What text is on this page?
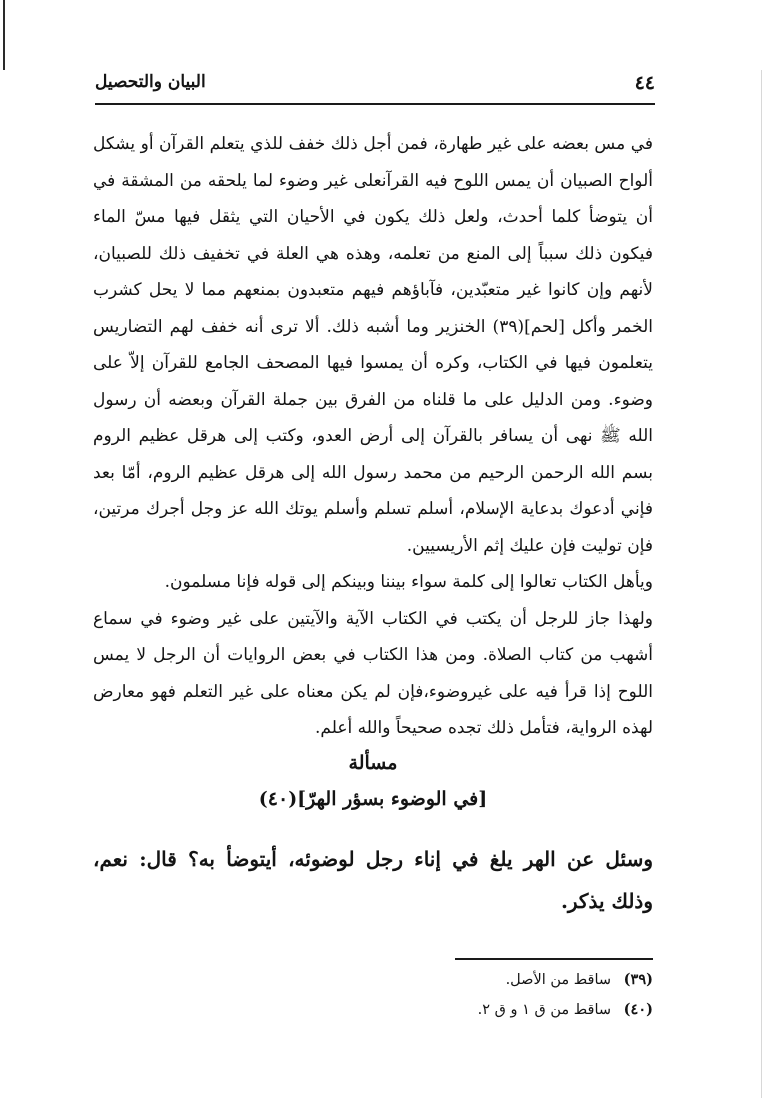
البيان والتحصيل	٤٤

في مس بعضه على غير طهارة، فمن أجل ذلك خفف للذي يتعلم القرآن أو يشكل ألواح الصبيان أن يمس اللوح فيه القرآنعلى غير وضوء لما يلحقه من المشقة في أن يتوضأ كلما أحدث، ولعل ذلك يكون في الأحيان التي يثقل فيها مسّ الماء فيكون ذلك سبباً إلى المنع من تعلمه، وهذه هي العلة في تخفيف ذلك للصبيان، لأنهم وإن كانوا غير متعبّدين، فآباؤهم فيهم متعبدون بمنعهم مما لا يحل كشرب الخمر وأكل [لحم](٣٩) الخنزير وما أشبه ذلك. ألا ترى أنه خفف لهم التضاريس يتعلمون فيها في الكتاب، وكره أن يمسوا فيها المصحف الجامع للقرآن إلاّ على وضوء. ومن الدليل على ما قلناه من الفرق بين جملة القرآن وبعضه أن رسول الله ﷺ نهى أن يسافر بالقرآن إلى أرض العدو، وكتب إلى هرقل عظيم الروم بسم الله الرحمن الرحيم من محمد رسول الله إلى هرقل عظيم الروم، أمّا بعد فإني أدعوك بدعاية الإسلام، أسلم تسلم وأسلم يوتك الله عز وجل أجرك مرتين، فإن توليت فإن عليك إثم الأريسيين.

ويأهل الكتاب تعالوا إلى كلمة سواء بيننا وبينكم إلى قوله فإنا مسلمون.

ولهذا جاز للرجل أن يكتب في الكتاب الآية والآيتين على غير وضوء في سماع أشهب من كتاب الصلاة. ومن هذا الكتاب في بعض الروايات أن الرجل لا يمس اللوح إذا قرأ فيه على غيروضوء،فإن لم يكن معناه على غير التعلم فهو معارض لهذه الرواية، فتأمل ذلك تجده صحيحاً والله أعلم.

مسألة
[في الوضوء بسؤر الهرّ](٤٠)

وسئل عن الهر يلغ في إناء رجل لوضوئه، أيتوضأ به؟ قال: نعم، وذلك يذكر.

(٣٩) ساقط من الأصل.
(٤٠) ساقط من ق ١ و ق ٢.
